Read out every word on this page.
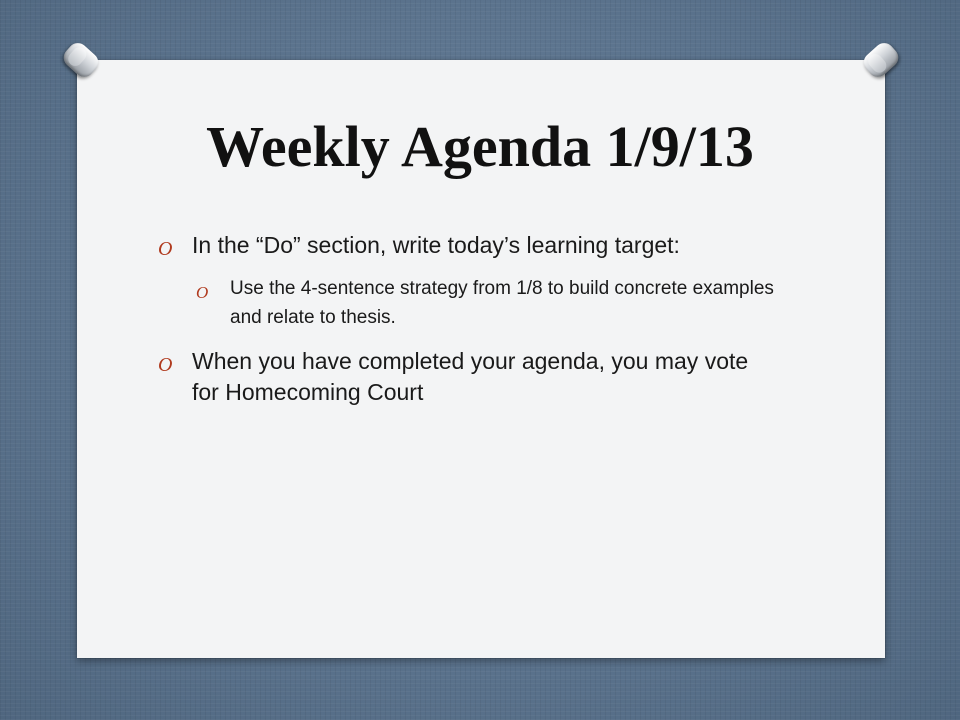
Weekly Agenda 1/9/13
O In the “Do” section, write today’s learning target:
O Use the 4-sentence strategy from 1/8 to build concrete examples and relate to thesis.
O When you have completed your agenda, you may vote for Homecoming Court
